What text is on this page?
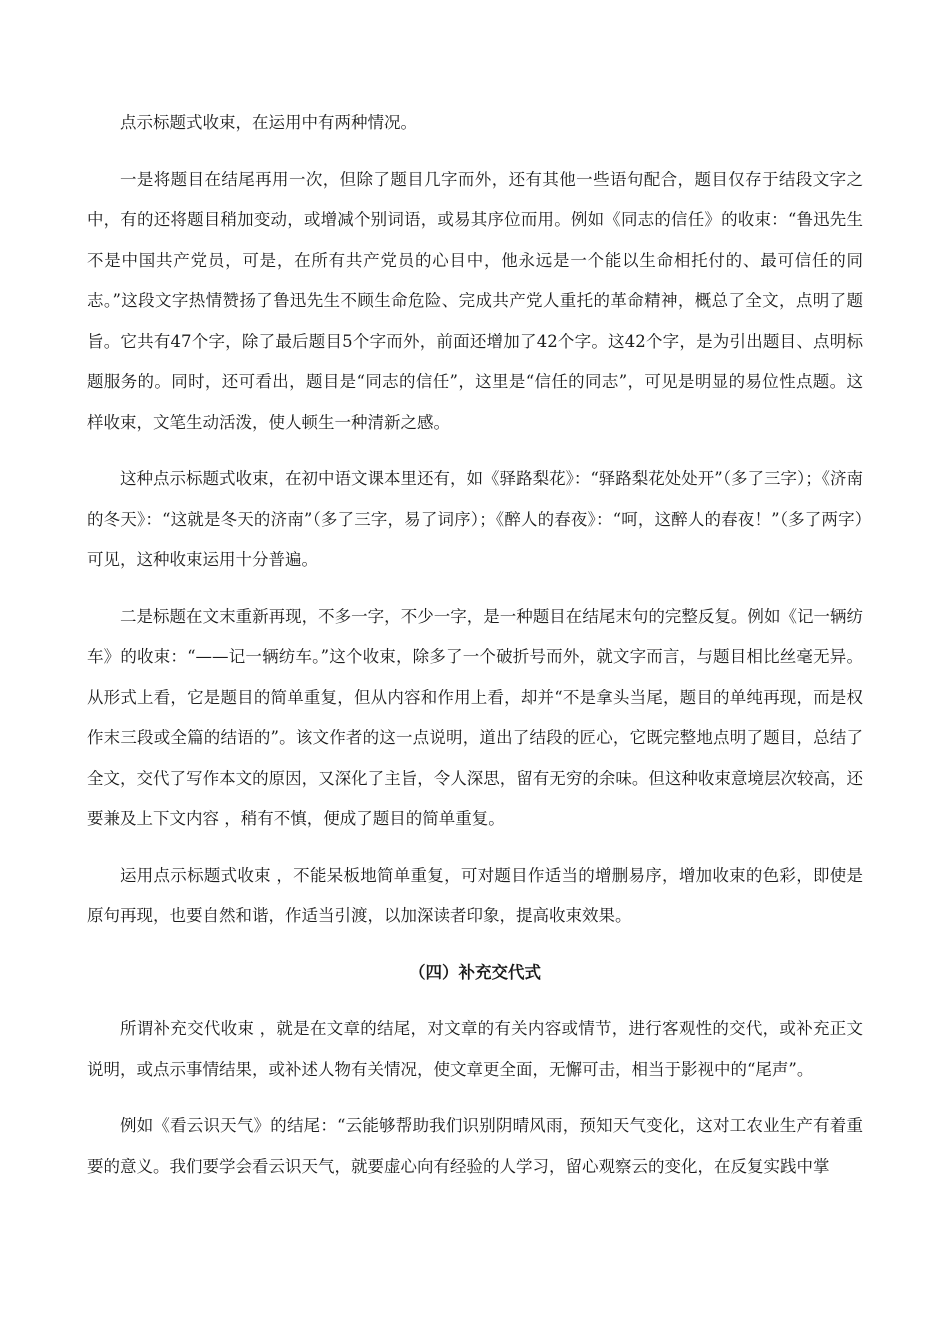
点示标题式收束，在运用中有两种情况。

一是将题目在结尾再用一次，但除了题目几字而外，还有其他一些语句配合，题目仅存于结段文字之中，有的还将题目稍加变动，或增减个别词语，或易其序位而用。例如《同志的信任》的收束：“鲁迅先生不是中国共产党员，可是，在所有共产党员的心目中，他永远是一个能以生命相托付的、最可信任的同志。”这段文字热情赞扬了鲁迅先生不顾生命危险、完成共产党人重托的革命精神，概总了全文，点明了题旨。它共有47个字，除了最后题目5个字而外，前面还增加了42个字。这42个字，是为引出题目、点明标题服务的。同时，还可看出，题目是“同志的信任”，这里是“信任的同志”，可见是明显的易位性点题。这样收束，文笔生动活泼，使人顿生一种清新之感。

这种点示标题式收束，在初中语文课本里还有，如《驿路梨花》：“驿路梨花处处开”（多了三字）；《济南的冬天》：“这就是冬天的济南”（多了三字，易了词序）；《醉人的春夜》：“呵，这醉人的春夜！”（多了两字）可见，这种收束运用十分普遍。

二是标题在文末重新再现，不多一字，不少一字，是一种题目在结尾末句的完整反复。例如《记一辆纺车》的收束：“——记一辆纺车。”这个收束，除多了一个破折号而外，就文字而言，与题目相比丝毫无异。从形式上看，它是题目的简单重复，但从内容和作用上看，却并“不是拿头当尾，题目的单纯再现，而是权作末三段或全篇的结语的”。该文作者的这一点说明，道出了结段的匠心，它既完整地点明了题目，总结了全文，交代了写作本文的原因，又深化了主旨，令人深思，留有无穷的余味。但这种收束意境层次较高，还要兼及上下文内容 ，稍有不慎，便成了题目的简单重复。

运用点示标题式收束 ，不能呆板地简单重复，可对题目作适当的增删易序，增加收束的色彩，即使是原句再现，也要自然和谐，作适当引渡，以加深读者印象，提高收束效果。

（四）补充交代式

所谓补充交代收束 ，就是在文章的结尾，对文章的有关内容或情节，进行客观性的交代，或补充正文说明，或点示事情结果，或补述人物有关情况，使文章更全面，无懈可击，相当于影视中的“尾声”。

例如《看云识天气》的结尾：“云能够帮助我们识别阴晴风雨，预知天气变化，这对工农业生产有着重要的意义。我们要学会看云识天气，就要虚心向有经验的人学习，留心观察云的变化，在反复实践中掌
